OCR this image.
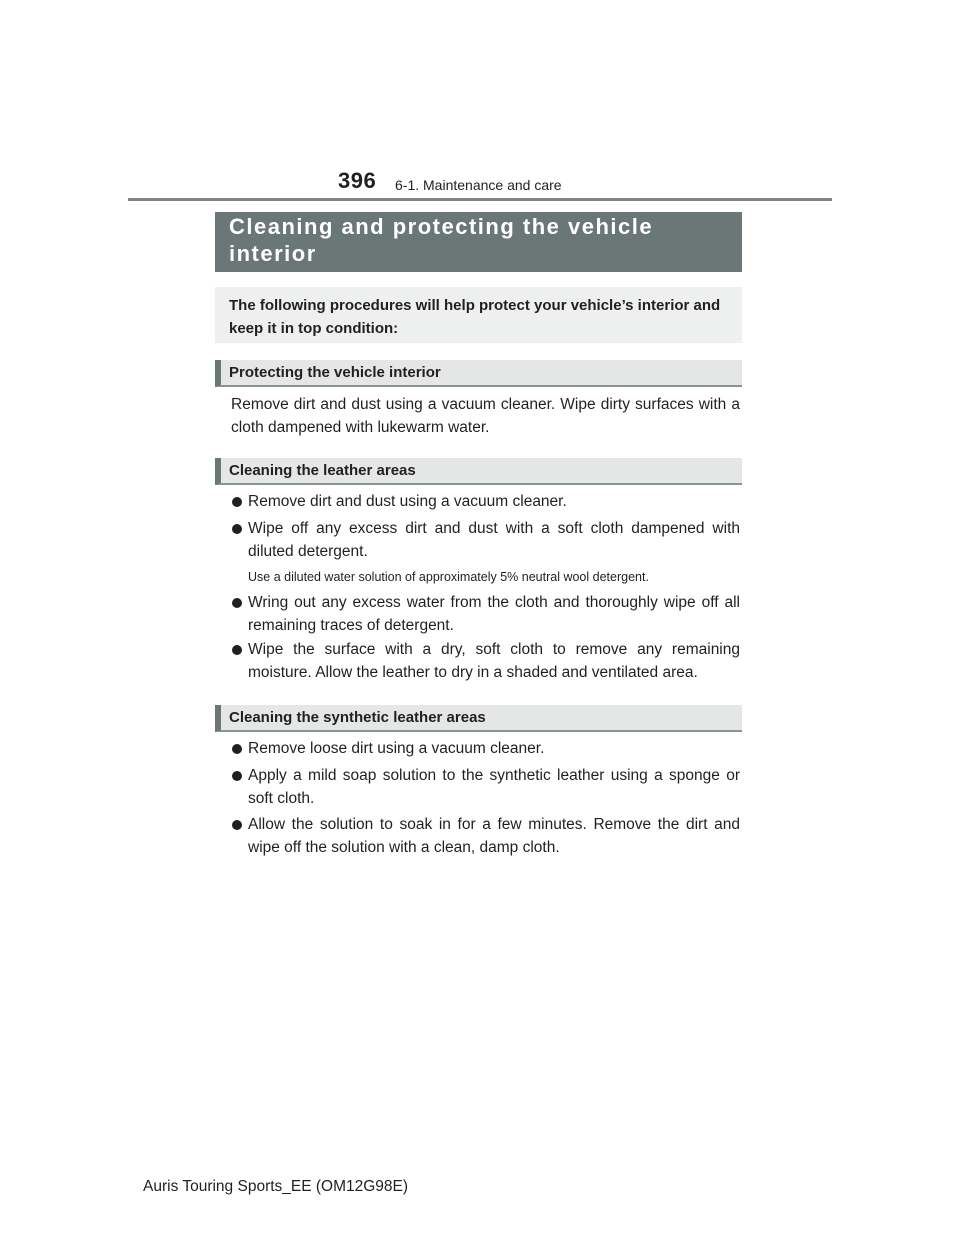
396 6-1. Maintenance and care
Cleaning and protecting the vehicle interior
The following procedures will help protect your vehicle’s interior and keep it in top condition:
Protecting the vehicle interior
Remove dirt and dust using a vacuum cleaner. Wipe dirty surfaces with a cloth dampened with lukewarm water.
Cleaning the leather areas
Remove dirt and dust using a vacuum cleaner.
Wipe off any excess dirt and dust with a soft cloth dampened with diluted detergent.
Use a diluted water solution of approximately 5% neutral wool detergent.
Wring out any excess water from the cloth and thoroughly wipe off all remaining traces of detergent.
Wipe the surface with a dry, soft cloth to remove any remaining moisture. Allow the leather to dry in a shaded and ventilated area.
Cleaning the synthetic leather areas
Remove loose dirt using a vacuum cleaner.
Apply a mild soap solution to the synthetic leather using a sponge or soft cloth.
Allow the solution to soak in for a few minutes. Remove the dirt and wipe off the solution with a clean, damp cloth.
Auris Touring Sports_EE (OM12G98E)
